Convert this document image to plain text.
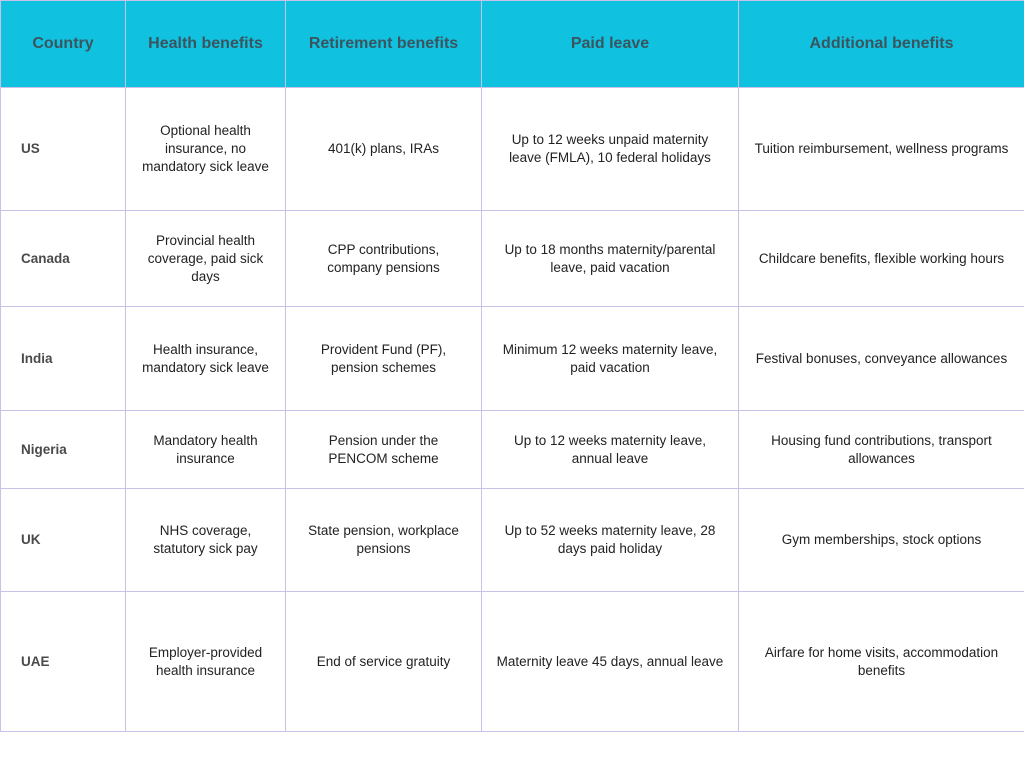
Country	Health benefits	Retirement benefits	Paid leave	Additional benefits
US	Optional health insurance, no mandatory sick leave	401(k) plans, IRAs	Up to 12 weeks unpaid maternity leave (FMLA), 10 federal holidays	Tuition reimbursement, wellness programs
Canada	Provincial health coverage, paid sick days	CPP contributions, company pensions	Up to 18 months maternity/parental leave, paid vacation	Childcare benefits, flexible working hours
India	Health insurance, mandatory sick leave	Provident Fund (PF), pension schemes	Minimum 12 weeks maternity leave, paid vacation	Festival bonuses, conveyance allowances
Nigeria	Mandatory health insurance	Pension under the PENCOM scheme	Up to 12 weeks maternity leave, annual leave	Housing fund contributions, transport allowances
UK	NHS coverage, statutory sick pay	State pension, workplace pensions	Up to 52 weeks maternity leave, 28 days paid holiday	Gym memberships, stock options
UAE	Employer-provided health insurance	End of service gratuity	Maternity leave 45 days, annual leave	Airfare for home visits, accommodation benefits
